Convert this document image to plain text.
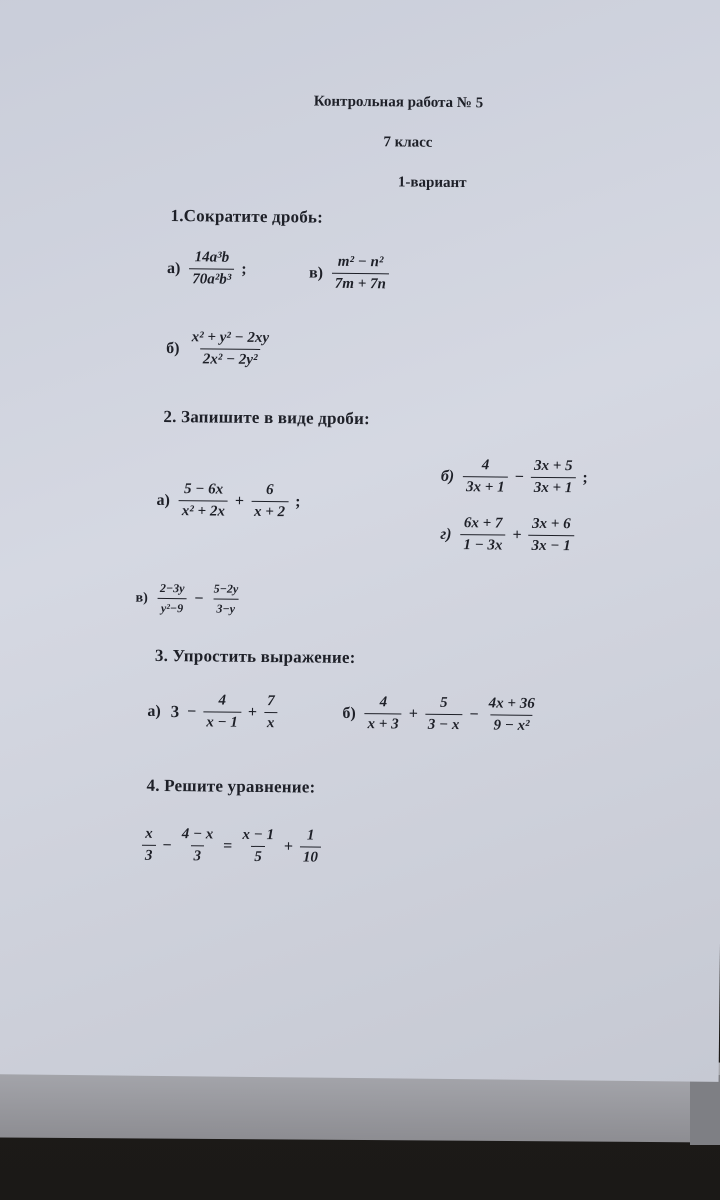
Контрольная работа № 5
7 класс
1-вариант
1.Сократите дробь:
$а) \frac{\text{14a³b}}{\text{70a²b³}}$ ;	$в) \frac{\text{m² − n²}}{7m + 7n}$
$б) \frac{\text{x² + y² − 2xy}}{\text{2x² − 2y²}}$
2. Запишите в виде дроби:
$а) \frac{5 - 6x}{\text{x² + 2x}} + \frac{6}{x + 2}$ ;
$б) \frac{4}{3x + 1} - \frac{3x + 5}{3x + 1}$ ;
$г) \frac{6x + 7}{1 - 3x} + \frac{3x + 6}{3x - 1}$
$в) \frac{2-3y}{\text{y²−9}} - \frac{5-2y}{3-y}$
3. Упростить выражение:
а) $3 - \frac{4}{x - 1} + \frac{7}{x}$	$б) \frac{4}{x + 3} + \frac{5}{3 - x} - \frac{4x + 36}{\text{9 − x²}}$
4. Решите уравнение:
$\frac{x}{3} - \frac{4 - x}{3} = \frac{x - 1}{5} + \frac{1}{10}$
